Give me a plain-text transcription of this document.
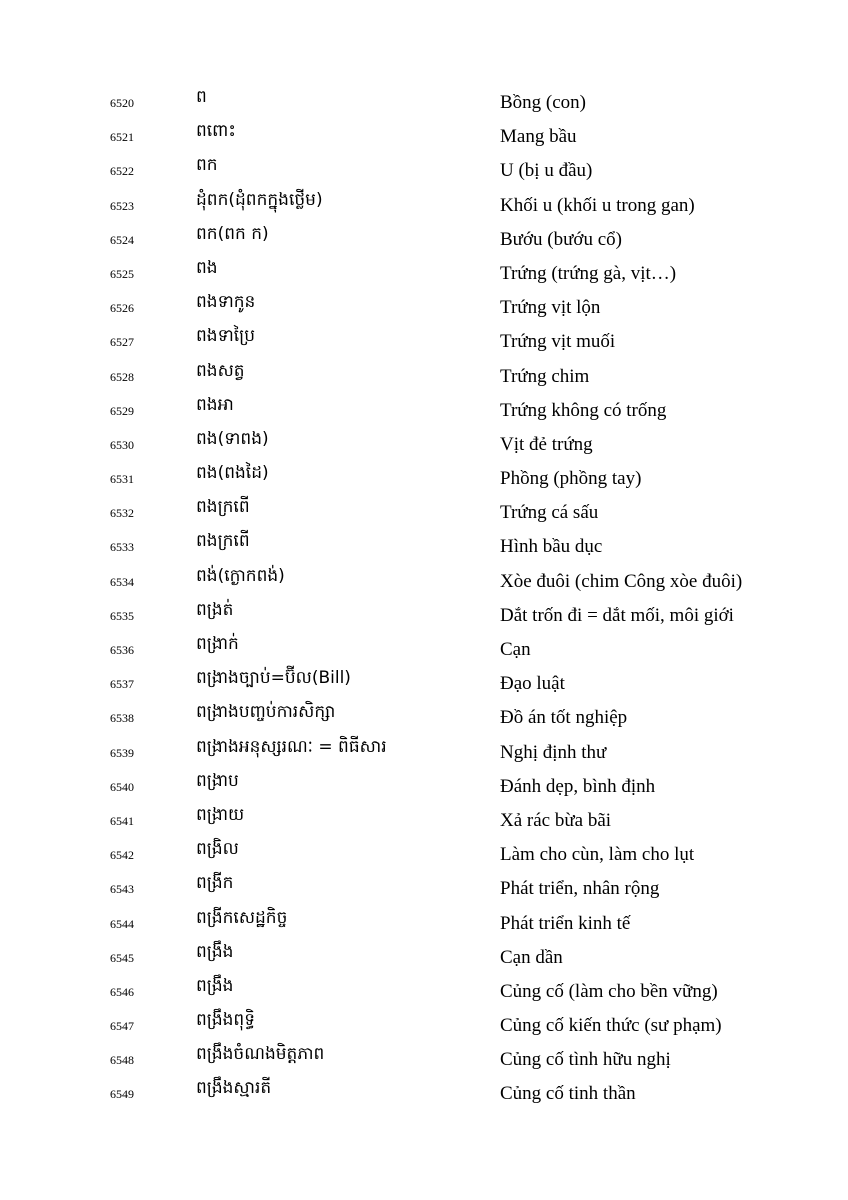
6520	ព	Bồng (con)
6521	ពពោះ	Mang bầu
6522	ពក	U (bị u đầu)
6523	ដុំពក(ដុំពកក្នុងថ្លើម)	Khối u (khối u trong gan)
6524	ពក(ពក ក)	Bướu (bướu cổ)
6525	ពង	Trứng (trứng gà, vịt…)
6526	ពងទាកូន	Trứng vịt lộn
6527	ពងទាប្រៃ	Trứng vịt muối
6528	ពងសត្វ	Trứng chim
6529	ពងអា	Trứng không có trống
6530	ពង(ទាពង)	Vịt đẻ trứng
6531	ពង(ពងដៃ)	Phồng (phồng tay)
6532	ពងក្រពើ	Trứng cá sấu
6533	ពងក្រពើ	Hình bầu dục
6534	ពង់(ក្ងោកពង់)	Xòe đuôi (chim Công xòe đuôi)
6535	ពង្រត់	Dắt trốn đi = dắt mối, môi giới
6536	ពង្រាក់	Cạn
6537	ពង្រាងច្បាប់=ប៊ីល(Bill)	Đạo luật
6538	ពង្រាងបញ្ចប់ការសិក្សា	Đồ án tốt nghiệp
6539	ពង្រាងអនុស្សរណៈ = ពិធីសារ	Nghị định thư
6540	ពង្រាប	Đánh dẹp, bình định
6541	ពង្រាយ	Xả rác bừa bãi
6542	ពង្រិល	Làm cho cùn, làm cho lụt
6543	ពង្រីក	Phát triển, nhân rộng
6544	ពង្រីកសេដ្ឋកិច្ច	Phát triển kinh tế
6545	ពង្រឹង	Cạn dần
6546	ពង្រឹង	Củng cố (làm cho bền vững)
6547	ពង្រឹងពុទ្ធិ	Củng cố kiến thức (sư phạm)
6548	ពង្រឹងចំណងមិត្តភាព	Củng cố tình hữu nghị
6549	ពង្រឹងស្មារតី	Củng cố tinh thần
